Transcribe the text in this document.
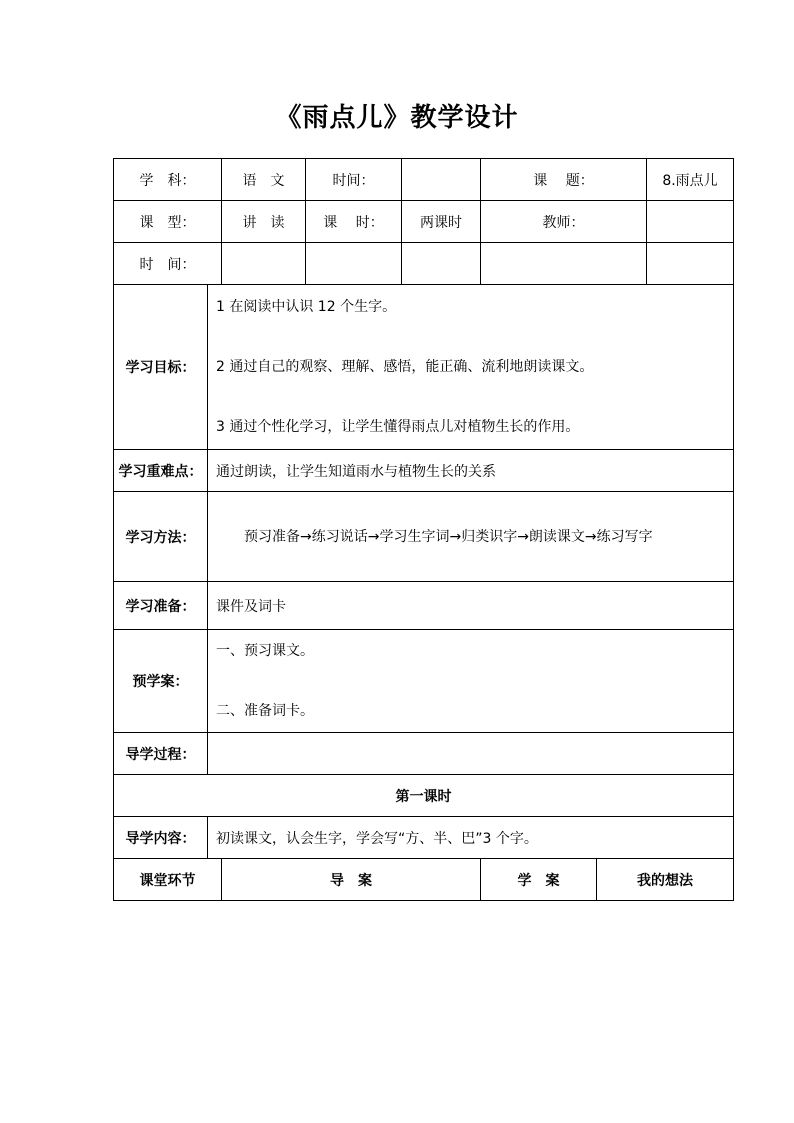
《雨点儿》教学设计
学　科：		语　文	时间：		课　 题：		8.雨点儿
课　型：		讲　读	课　 时：	两课时	教师：		
时　间：							
学习目标：	1 在阅读中认识 12 个生字。

2 通过自己的观察、理解、感悟，能正确、流利地朗读课文。

3 通过个性化学习，让学生懂得雨点儿对植物生长的作用。						

学习重难点：	通过朗读，让学生知道雨水与植物生长的关系						
学习方法：	预习准备→练习说话→学习生字词→归类识字→朗读课文→练习写字						

学习准备：	课件及词卡						
预学案：	一、预习课文。

二、准备词卡。						

导学过程：							
第一课时							
导学内容：	初读课文，认会生字，学会写“方、半、巴”3 个字。						
课堂环节		导　案			学　案	我的想法	
